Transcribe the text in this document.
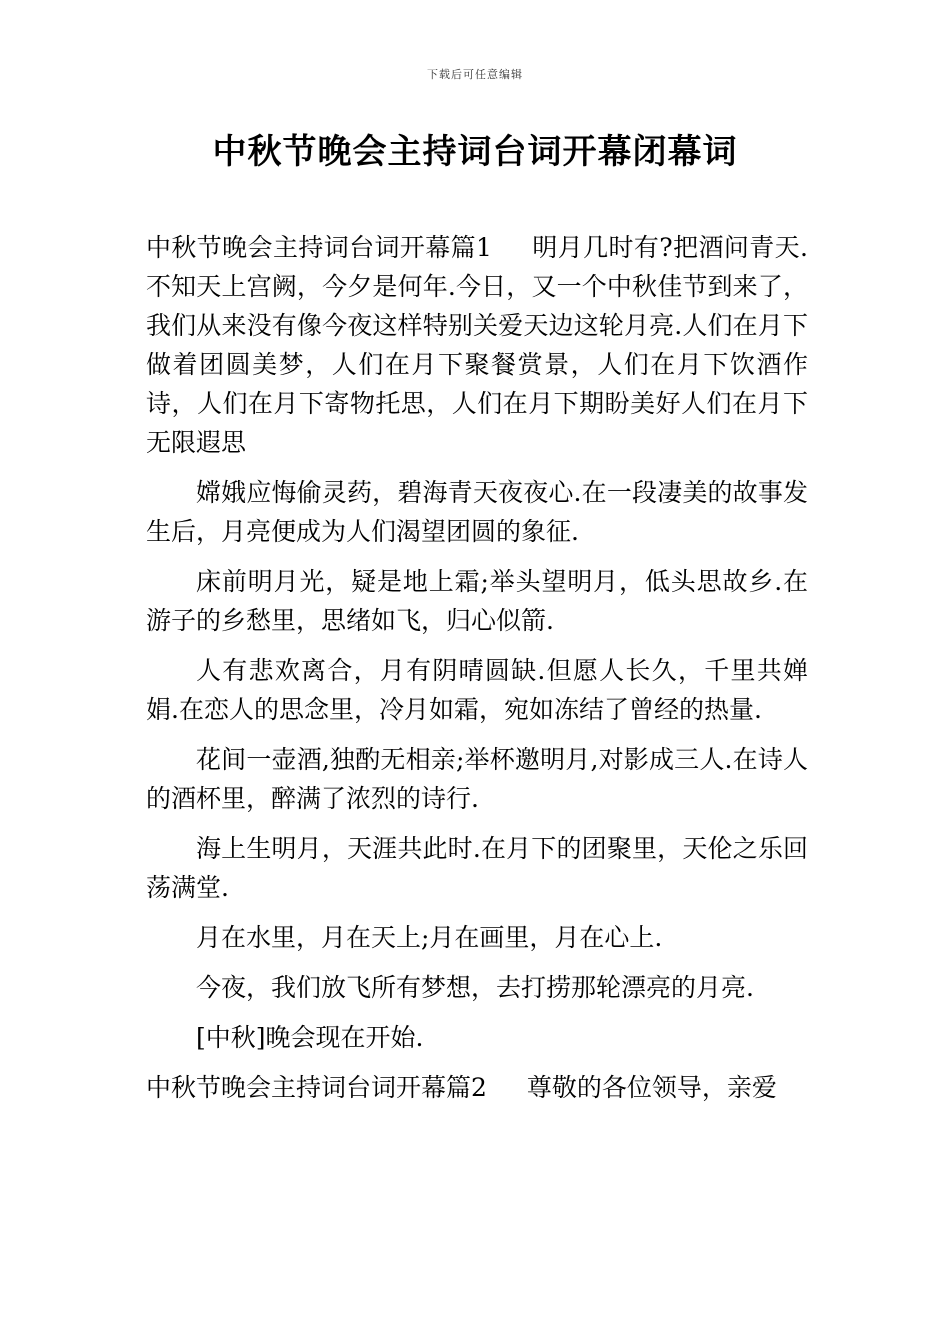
下载后可任意编辑
中秋节晚会主持词台词开幕闭幕词

中秋节晚会主持词台词开幕篇1 明月几时有?把酒问青天.不知天上宫阙，今夕是何年.今日，又一个中秋佳节到来了，我们从来没有像今夜这样特别关爱天边这轮月亮.人们在月下做着团圆美梦，人们在月下聚餐赏景，人们在月下饮酒作诗，人们在月下寄物托思，人们在月下期盼美好人们在月下无限遐思

嫦娥应悔偷灵药，碧海青天夜夜心.在一段凄美的故事发生后，月亮便成为人们渴望团圆的象征.

床前明月光，疑是地上霜;举头望明月，低头思故乡.在游子的乡愁里，思绪如飞，归心似箭.

人有悲欢离合，月有阴晴圆缺.但愿人长久，千里共婵娟.在恋人的思念里，冷月如霜，宛如冻结了曾经的热量.

花间一壶酒,独酌无相亲;举杯邀明月,对影成三人.在诗人的酒杯里，醉满了浓烈的诗行.

海上生明月，天涯共此时.在月下的团聚里，天伦之乐回荡满堂.

月在水里，月在天上;月在画里，月在心上.

今夜，我们放飞所有梦想，去打捞那轮漂亮的月亮.

[中秋]晚会现在开始.

中秋节晚会主持词台词开幕篇2 尊敬的各位领导，亲爱
